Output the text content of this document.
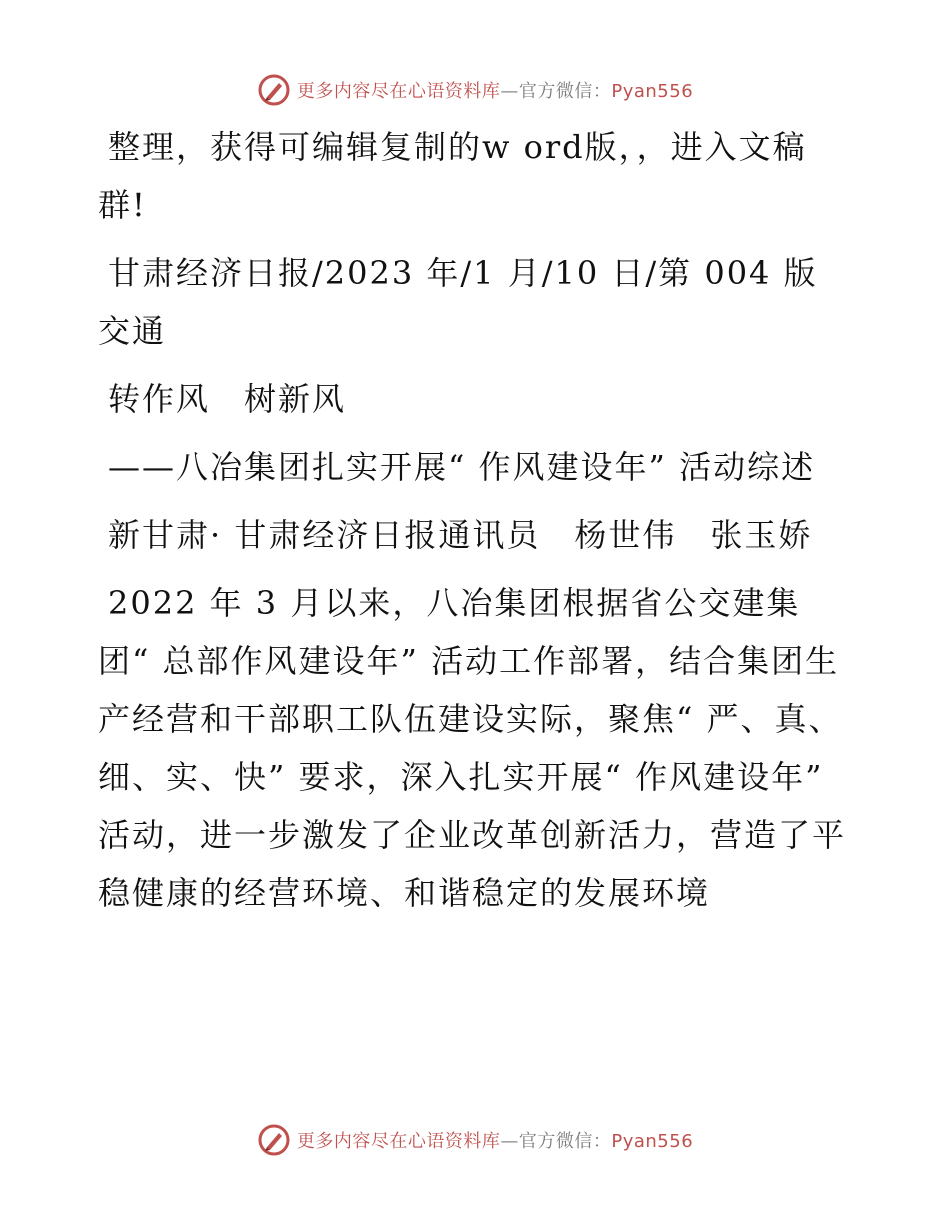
更多内容尽在心语资料库—官方微信：Pyan556

整理，获得可编辑复制的w ord版，，进入文稿群!

甘肃经济日报/2023 年/1 月/10 日/第 004 版交通

转作风　树新风

——八冶集团扎实开展“ 作风建设年” 活动综述

新甘肃· 甘肃经济日报通讯员　杨世伟　张玉娇

2022 年 3 月以来，八冶集团根据省公交建集团“ 总部作风建设年” 活动工作部署，结合集团生产经营和干部职工队伍建设实际，聚焦“ 严、真、细、实、快” 要求，深入扎实开展“ 作风建设年” 活动，进一步激发了企业改革创新活力，营造了平稳健康的经营环境、和谐稳定的发展环境

更多内容尽在心语资料库—官方微信：Pyan556
